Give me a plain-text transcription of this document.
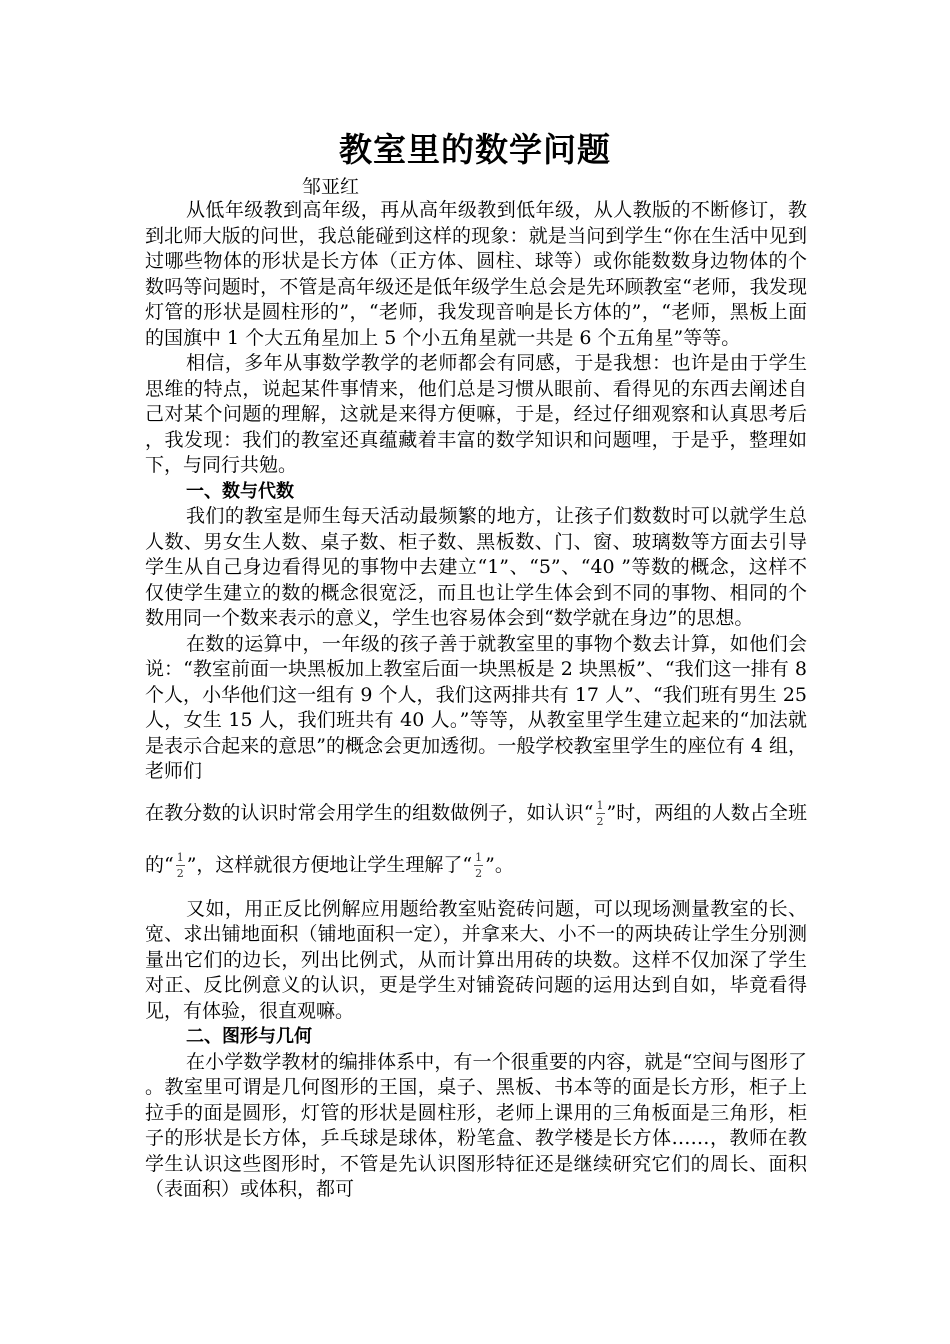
教室里的数学问题
邹亚红

从低年级教到高年级，再从高年级教到低年级，从人教版的不断修订，教到北师大版的问世，我总能碰到这样的现象：就是当问到学生“你在生活中见到过哪些物体的形状是长方体（正方体、圆柱、球等）或你能数数身边物体的个数吗等问题时，不管是高年级还是低年级学生总会是先环顾教室“老师，我发现灯管的形状是圆柱形的”，“老师，我发现音响是长方体的”，“老师，黑板上面的国旗中 1 个大五角星加上 5 个小五角星就一共是 6 个五角星”等等。

相信，多年从事数学教学的老师都会有同感，于是我想：也许是由于学生思维的特点，说起某件事情来，他们总是习惯从眼前、看得见的东西去阐述自己对某个问题的理解，这就是来得方便嘛，于是，经过仔细观察和认真思考后，我发现：我们的教室还真蕴藏着丰富的数学知识和问题哩，于是乎，整理如下，与同行共勉。

一、数与代数

我们的教室是师生每天活动最频繁的地方，让孩子们数数时可以就学生总人数、男女生人数、桌子数、柜子数、黑板数、门、窗、玻璃数等方面去引导学生从自己身边看得见的事物中去建立“1”、“5”、“40 ”等数的概念，这样不仅使学生建立的数的概念很宽泛，而且也让学生体会到不同的事物、相同的个数用同一个数来表示的意义，学生也容易体会到“数学就在身边”的思想。

在数的运算中，一年级的孩子善于就教室里的事物个数去计算，如他们会说：“教室前面一块黑板加上教室后面一块黑板是 2 块黑板”、“我们这一排有 8 个人，小华他们这一组有 9 个人，我们这两排共有 17 人”、“我们班有男生 25 人，女生 15 人，我们班共有 40 人。”等等，从教室里学生建立起来的“加法就是表示合起来的意思”的概念会更加透彻。一般学校教室里学生的座位有 4 组，老师们

在教分数的认识时常会用学生的组数做例子，如认识“ $\frac{1}{2}$ ”时，两组的人数占全班的“ $\frac{1}{2}$ ”，这样就很方便地让学生理解了“ $\frac{1}{2}$ ”。

又如，用正反比例解应用题给教室贴瓷砖问题，可以现场测量教室的长、宽、求出铺地面积（铺地面积一定），并拿来大、小不一的两块砖让学生分别测量出它们的边长，列出比例式，从而计算出用砖的块数。这样不仅加深了学生对正、反比例意义的认识，更是学生对铺瓷砖问题的运用达到自如，毕竟看得见，有体验，很直观嘛。

二、图形与几何

在小学数学教材的编排体系中，有一个很重要的内容，就是“空间与图形了。教室里可谓是几何图形的王国，桌子、黑板、书本等的面是长方形，柜子上拉手的面是圆形，灯管的形状是圆柱形，老师上课用的三角板面是三角形，柜子的形状是长方体，乒乓球是球体，粉笔盒、教学楼是长方体……，教师在教学生认识这些图形时，不管是先认识图形特征还是继续研究它们的周长、面积（表面积）或体积，都可
